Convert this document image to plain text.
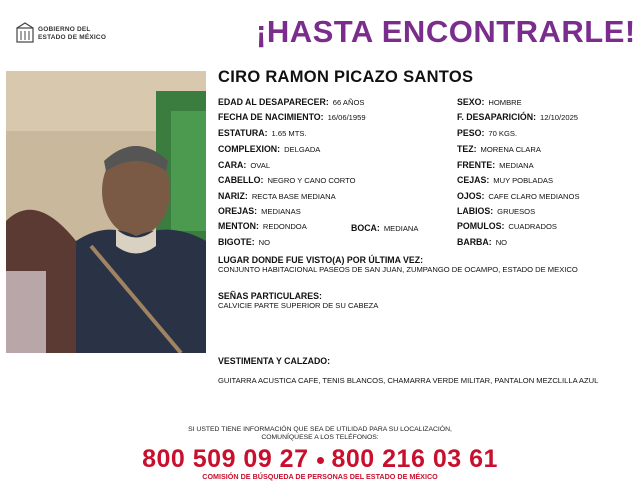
GOBIERNO DEL
ESTADO DE MÉXICO	¡HASTA ENCONTRARLE!
CIRO RAMON PICAZO SANTOS
EDAD AL DESAPARECER: 66 AÑOS
FECHA DE NACIMIENTO: 16/06/1959
ESTATURA: 1.65 MTS.
COMPLEXION: DELGADA
CARA: OVAL
CABELLO: NEGRO Y CANO CORTO
NARIZ: RECTA BASE MEDIANA
OREJAS: MEDIANAS
MENTON: REDONDOA	BOCA: MEDIANA
BIGOTE: NO
SEXO: HOMBRE
F. DESAPARICIÓN: 12/10/2025
PESO: 70 KGS.
TEZ: MORENA CLARA
FRENTE: MEDIANA
CEJAS: MUY POBLADAS
OJOS: CAFE CLARO MEDIANOS
LABIOS: GRUESOS
POMULOS: CUADRADOS
BARBA: NO
LUGAR DONDE FUE VISTO(A) POR ÚLTIMA VEZ:
CONJUNTO HABITACIONAL PASEOS DE SAN JUAN, ZUMPANGO DE OCAMPO, ESTADO DE MEXICO
SEÑAS PARTICULARES:
CALVICIE PARTE SUPERIOR DE SU CABEZA
VESTIMENTA Y CALZADO:
GUITARRA ACUSTICA CAFE, TENIS BLANCOS, CHAMARRA VERDE MILITAR, PANTALON MEZCLILLA AZUL
SI USTED TIENE INFORMACIÓN QUE SEA DE UTILIDAD PARA SU LOCALIZACIÓN,
COMUNÍQUESE A LOS TELÉFONOS:
800 509 09 27 800 216 03 61
COMISIÓN DE BÚSQUEDA DE PERSONAS DEL ESTADO DE MÉXICO
